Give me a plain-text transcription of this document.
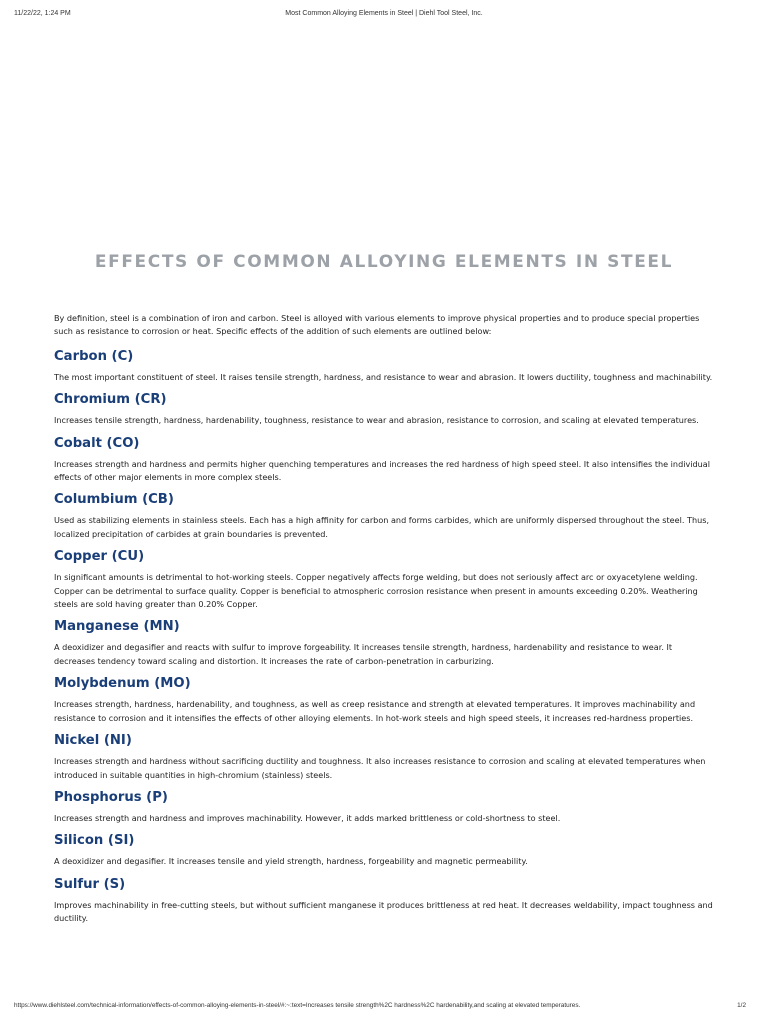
11/22/22, 1:24 PM	Most Common Alloying Elements in Steel | Diehl Tool Steel, Inc.
EFFECTS OF COMMON ALLOYING ELEMENTS IN STEEL

By definition, steel is a combination of iron and carbon. Steel is alloyed with various elements to improve physical properties and to produce special properties such as resistance to corrosion or heat. Specific effects of the addition of such elements are outlined below:

Carbon (C)

The most important constituent of steel. It raises tensile strength, hardness, and resistance to wear and abrasion. It lowers ductility, toughness and machinability.

Chromium (CR)

Increases tensile strength, hardness, hardenability, toughness, resistance to wear and abrasion, resistance to corrosion, and scaling at elevated temperatures.

Cobalt (CO)

Increases strength and hardness and permits higher quenching temperatures and increases the red hardness of high speed steel. It also intensifies the individual effects of other major elements in more complex steels.

Columbium (CB)

Used as stabilizing elements in stainless steels. Each has a high affinity for carbon and forms carbides, which are uniformly dispersed throughout the steel. Thus, localized precipitation of carbides at grain boundaries is prevented.

Copper (CU)

In significant amounts is detrimental to hot-working steels. Copper negatively affects forge welding, but does not seriously affect arc or oxyacetylene welding. Copper can be detrimental to surface quality. Copper is beneficial to atmospheric corrosion resistance when present in amounts exceeding 0.20%. Weathering steels are sold having greater than 0.20% Copper.

Manganese (MN)

A deoxidizer and degasifier and reacts with sulfur to improve forgeability. It increases tensile strength, hardness, hardenability and resistance to wear. It decreases tendency toward scaling and distortion. It increases the rate of carbon-penetration in carburizing.

Molybdenum (MO)

Increases strength, hardness, hardenability, and toughness, as well as creep resistance and strength at elevated temperatures. It improves machinability and resistance to corrosion and it intensifies the effects of other alloying elements. In hot-work steels and high speed steels, it increases red-hardness properties.

Nickel (NI)

Increases strength and hardness without sacrificing ductility and toughness. It also increases resistance to corrosion and scaling at elevated temperatures when introduced in suitable quantities in high-chromium (stainless) steels.

Phosphorus (P)

Increases strength and hardness and improves machinability. However, it adds marked brittleness or cold-shortness to steel.

Silicon (SI)

A deoxidizer and degasifier. It increases tensile and yield strength, hardness, forgeability and magnetic permeability.

Sulfur (S)

Improves machinability in free-cutting steels, but without sufficient manganese it produces brittleness at red heat. It decreases weldability, impact toughness and ductility.

https://www.diehlsteel.com/technical-information/effects-of-common-alloying-elements-in-steel/#:~:text=Increases tensile strength%2C hardness%2C hardenability,and scaling at elevated temperatures.	1/2
